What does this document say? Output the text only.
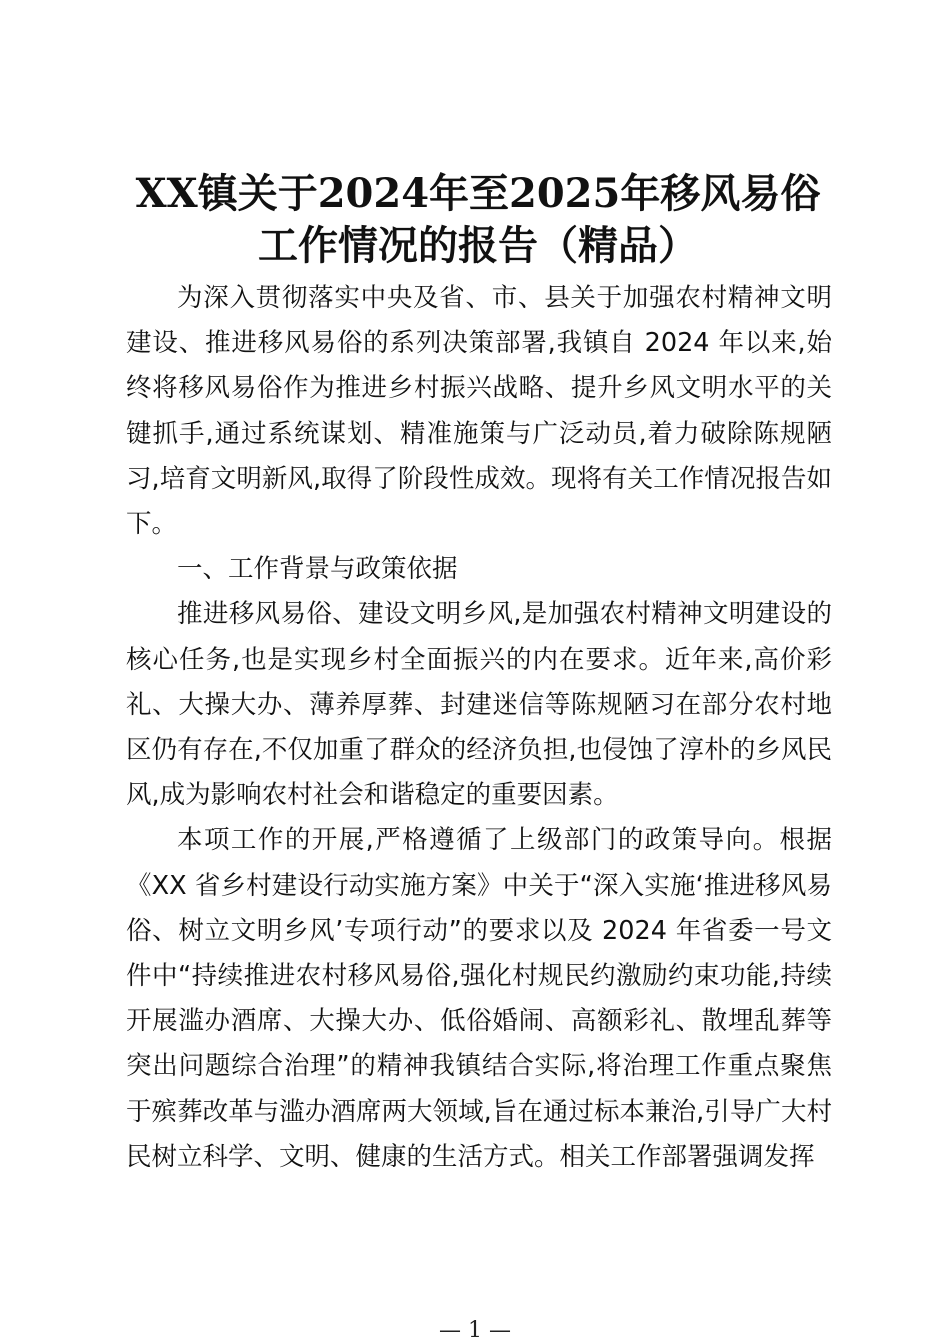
XX镇关于2024年至2025年移风易俗工作情况的报告（精品）

为深入贯彻落实中央及省、市、县关于加强农村精神文明建设、推进移风易俗的系列决策部署,我镇自 2024 年以来,始终将移风易俗作为推进乡村振兴战略、提升乡风文明水平的关键抓手,通过系统谋划、精准施策与广泛动员,着力破除陈规陋习,培育文明新风,取得了阶段性成效。现将有关工作情况报告如下。

一、工作背景与政策依据

推进移风易俗、建设文明乡风,是加强农村精神文明建设的核心任务,也是实现乡村全面振兴的内在要求。近年来,高价彩礼、大操大办、薄养厚葬、封建迷信等陈规陋习在部分农村地区仍有存在,不仅加重了群众的经济负担,也侵蚀了淳朴的乡风民风,成为影响农村社会和谐稳定的重要因素。

本项工作的开展,严格遵循了上级部门的政策导向。根据《XX 省乡村建设行动实施方案》中关于“深入实施‘推进移风易俗、树立文明乡风’专项行动”的要求以及 2024 年省委一号文件中“持续推进农村移风易俗,强化村规民约激励约束功能,持续开展滥办酒席、大操大办、低俗婚闹、高额彩礼、散埋乱葬等突出问题综合治理”的精神我镇结合实际,将治理工作重点聚焦于殡葬改革与滥办酒席两大领域,旨在通过标本兼治,引导广大村民树立科学、文明、健康的生活方式。相关工作部署强调发挥

— 1 —
